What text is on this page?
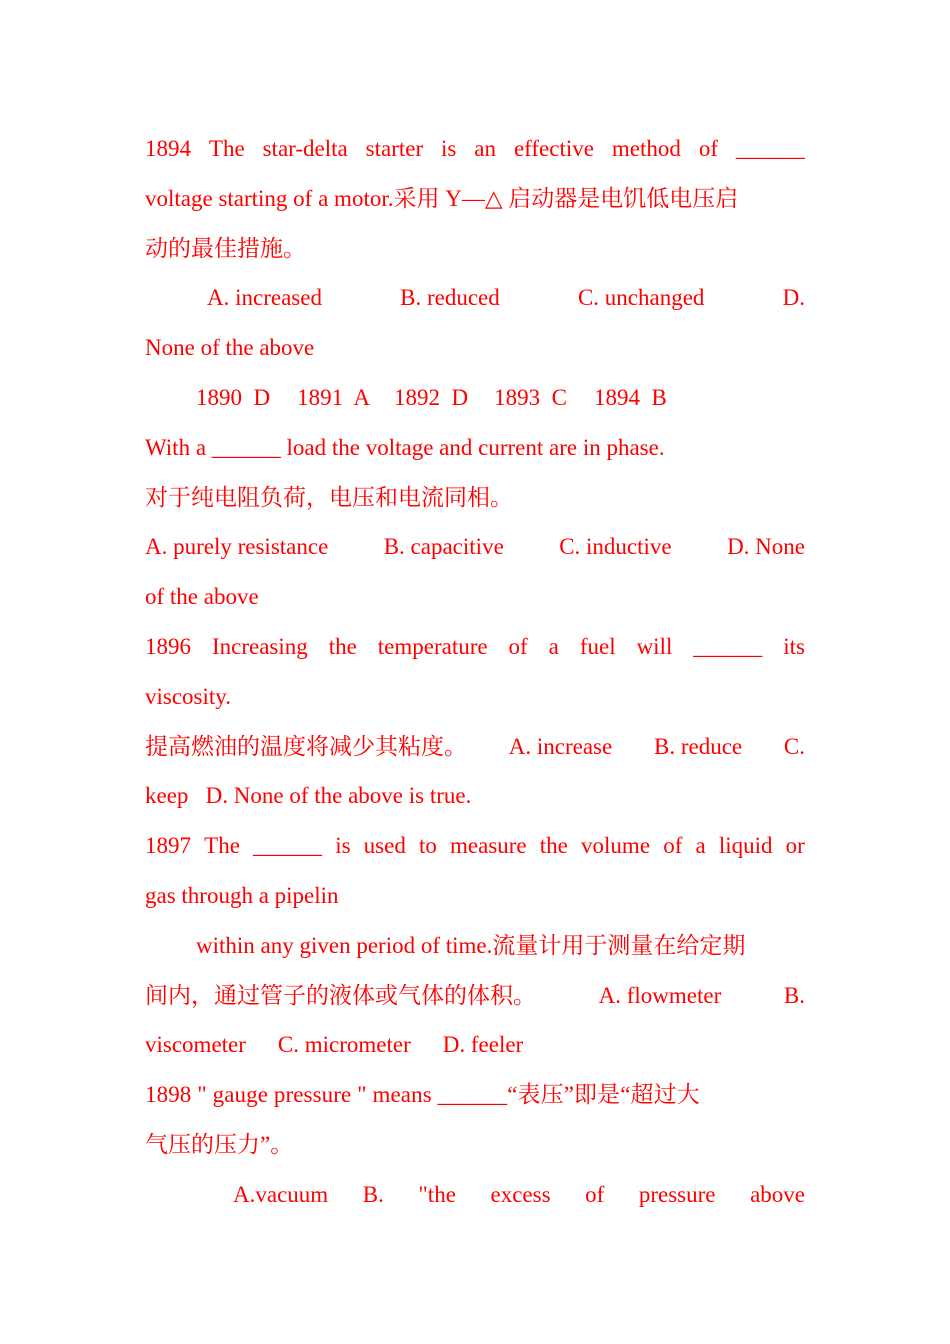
1894 The star-delta starter is an effective method of ______
voltage starting of a motor.采用 Y—△ 启动器是电饥低电压启
动的最佳措施。
A. increased	B. reduced	C. unchanged	D.
None of the above
1890  D 1891  A 1892  D 1893  C 1894  B
With a ______ load the voltage and current are in phase.
对于纯电阻负荷，电压和电流同相。
A. purely resistance B. capacitive C. inductive D. None
of the above
1896 Increasing the temperature of a fuel will ______ its
viscosity.
提高燃油的温度将减少其粘度。 A. increase B. reduce C.
keep   D. None of the above is true.
1897 The ______ is used to measure the volume of a liquid or
gas through a pipelin
within any given period of time.流量计用于测量在给定期
间内，通过管子的液体或气体的体积。	A. flowmeter	B.
viscometer C. micrometer D. feeler
1898 " gauge pressure " means ______“表压”即是“超过大
气压的压力”。
A.vacuum B. "the excess of pressure above
